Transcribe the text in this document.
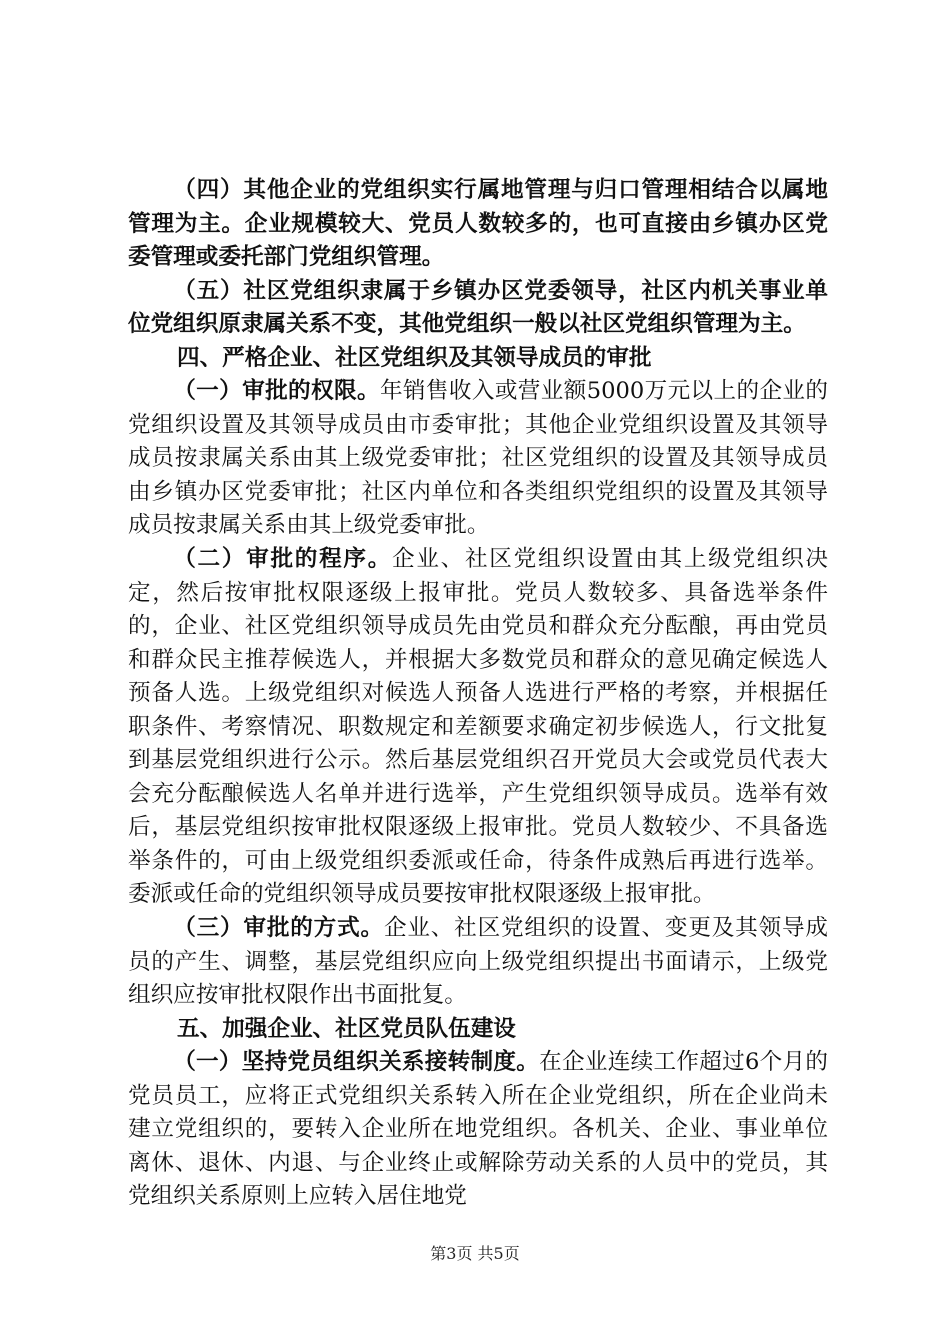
（四）其他企业的党组织实行属地管理与归口管理相结合以属地管理为主。企业规模较大、党员人数较多的，也可直接由乡镇办区党委管理或委托部门党组织管理。

（五）社区党组织隶属于乡镇办区党委领导，社区内机关事业单位党组织原隶属关系不变，其他党组织一般以社区党组织管理为主。

四、严格企业、社区党组织及其领导成员的审批

（一）审批的权限。年销售收入或营业额5000万元以上的企业的党组织设置及其领导成员由市委审批；其他企业党组织设置及其领导成员按隶属关系由其上级党委审批；社区党组织的设置及其领导成员由乡镇办区党委审批；社区内单位和各类组织党组织的设置及其领导成员按隶属关系由其上级党委审批。

（二）审批的程序。企业、社区党组织设置由其上级党组织决定，然后按审批权限逐级上报审批。党员人数较多、具备选举条件的，企业、社区党组织领导成员先由党员和群众充分酝酿，再由党员和群众民主推荐候选人，并根据大多数党员和群众的意见确定候选人预备人选。上级党组织对候选人预备人选进行严格的考察，并根据任职条件、考察情况、职数规定和差额要求确定初步候选人，行文批复到基层党组织进行公示。然后基层党组织召开党员大会或党员代表大会充分酝酿候选人名单并进行选举，产生党组织领导成员。选举有效后，基层党组织按审批权限逐级上报审批。党员人数较少、不具备选举条件的，可由上级党组织委派或任命，待条件成熟后再进行选举。委派或任命的党组织领导成员要按审批权限逐级上报审批。

（三）审批的方式。企业、社区党组织的设置、变更及其领导成员的产生、调整，基层党组织应向上级党组织提出书面请示，上级党组织应按审批权限作出书面批复。

五、加强企业、社区党员队伍建设

（一）坚持党员组织关系接转制度。在企业连续工作超过6个月的党员员工，应将正式党组织关系转入所在企业党组织，所在企业尚未建立党组织的，要转入企业所在地党组织。各机关、企业、事业单位离休、退休、内退、与企业终止或解除劳动关系的人员中的党员，其党组织关系原则上应转入居住地党

第3页 共5页
